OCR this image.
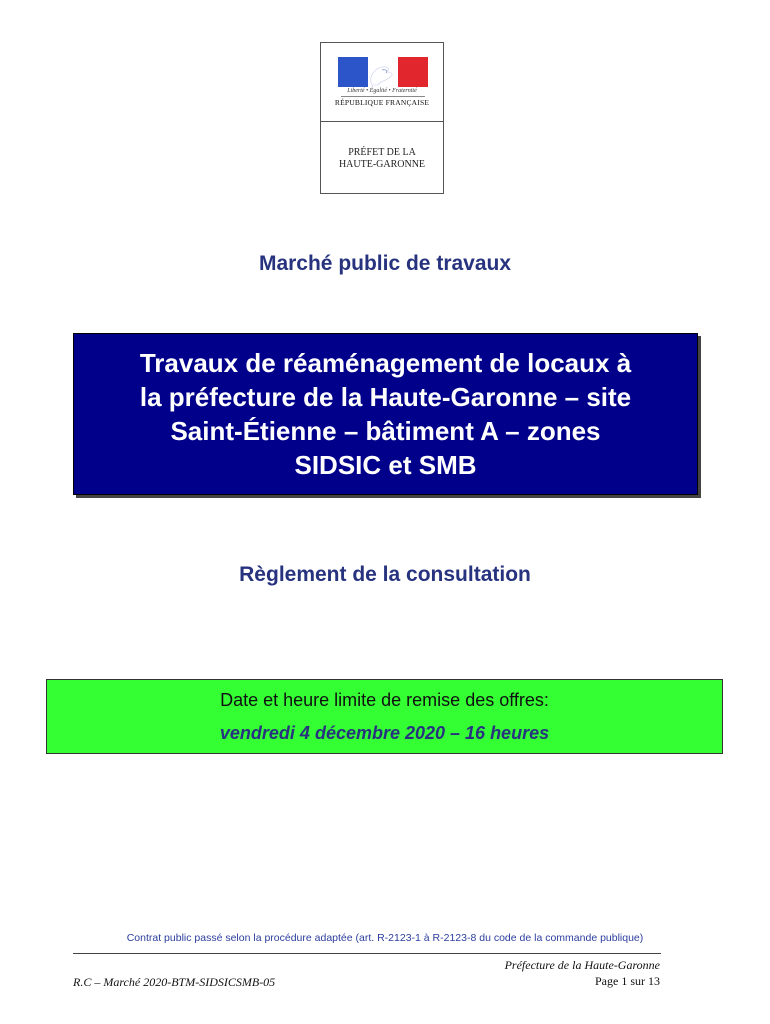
Liberté • Égalité • Fraternité
RÉPUBLIQUE FRANÇAISE
PRÉFET DE LA
HAUTE-GARONNE
Marché public de travaux
Travaux de réaménagement de locaux à
la préfecture de la Haute-Garonne – site
Saint-Étienne – bâtiment A – zones
SIDSIC et SMB
Règlement de la consultation
Date et heure limite de remise des offres:
vendredi 4 décembre 2020 – 16 heures
Contrat public passé selon la procédure adaptée (art. R-2123-1 à R-2123-8 du code de la commande publique)
Préfecture de la Haute-Garonne
R.C – Marché 2020-BTM-SIDSICSMB-05	Page 1 sur 13
